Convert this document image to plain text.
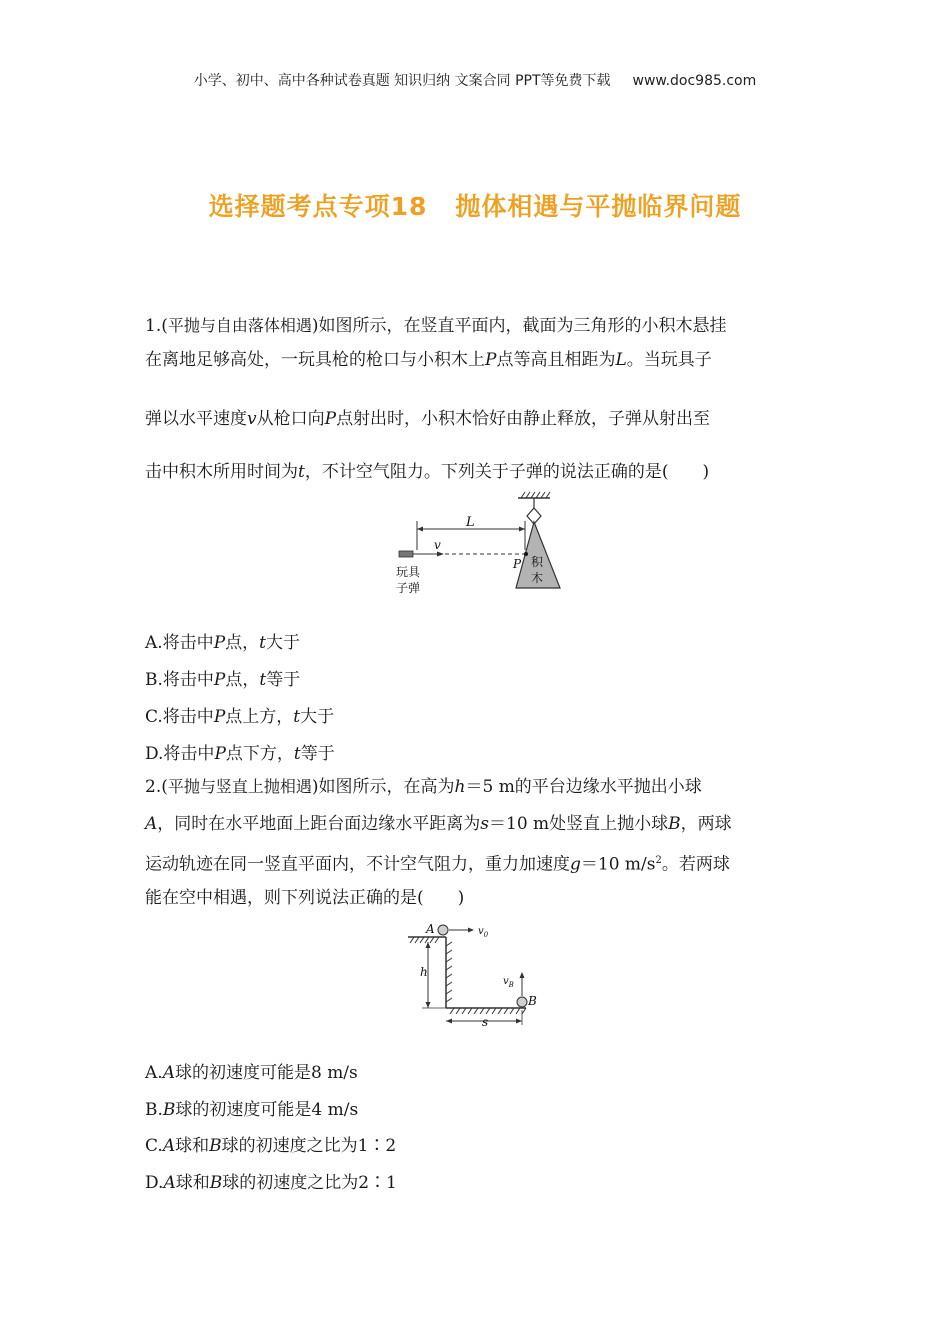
小学、初中、高中各种试卷真题 知识归纳 文案合同 PPT等免费下载 www.doc985.com
选择题考点专项18 抛体相遇与平抛临界问题
1.(平抛与自由落体相遇)如图所示，在竖直平面内，截面为三角形的小积木悬挂
在离地足够高处，一玩具枪的枪口与小积木上P点等高且相距为L。当玩具子
弹以水平速度v从枪口向P点射出时，小积木恰好由静止释放，子弹从射出至
击中积木所用时间为t，不计空气阻力。下列关于子弹的说法正确的是(　　)
积
木
L
v
P
玩具
子弹
A.将击中P点，t大于
B.将击中P点，t等于
C.将击中P点上方，t大于
D.将击中P点下方，t等于
2.(平抛与竖直上抛相遇)如图所示，在高为h＝5 m的平台边缘水平抛出小球
A，同时在水平地面上距台面边缘水平距离为s＝10 m处竖直上抛小球B，两球
运动轨迹在同一竖直平面内，不计空气阻力，重力加速度g＝10 $m/s^2$。若两球
能在空中相遇，则下列说法正确的是(　　)
A	$v_0$
h
B
$v_B$
s
A.A球的初速度可能是8 m/s
B.B球的初速度可能是4 m/s
C.A球和B球的初速度之比为1∶2
D.A球和B球的初速度之比为2∶1
